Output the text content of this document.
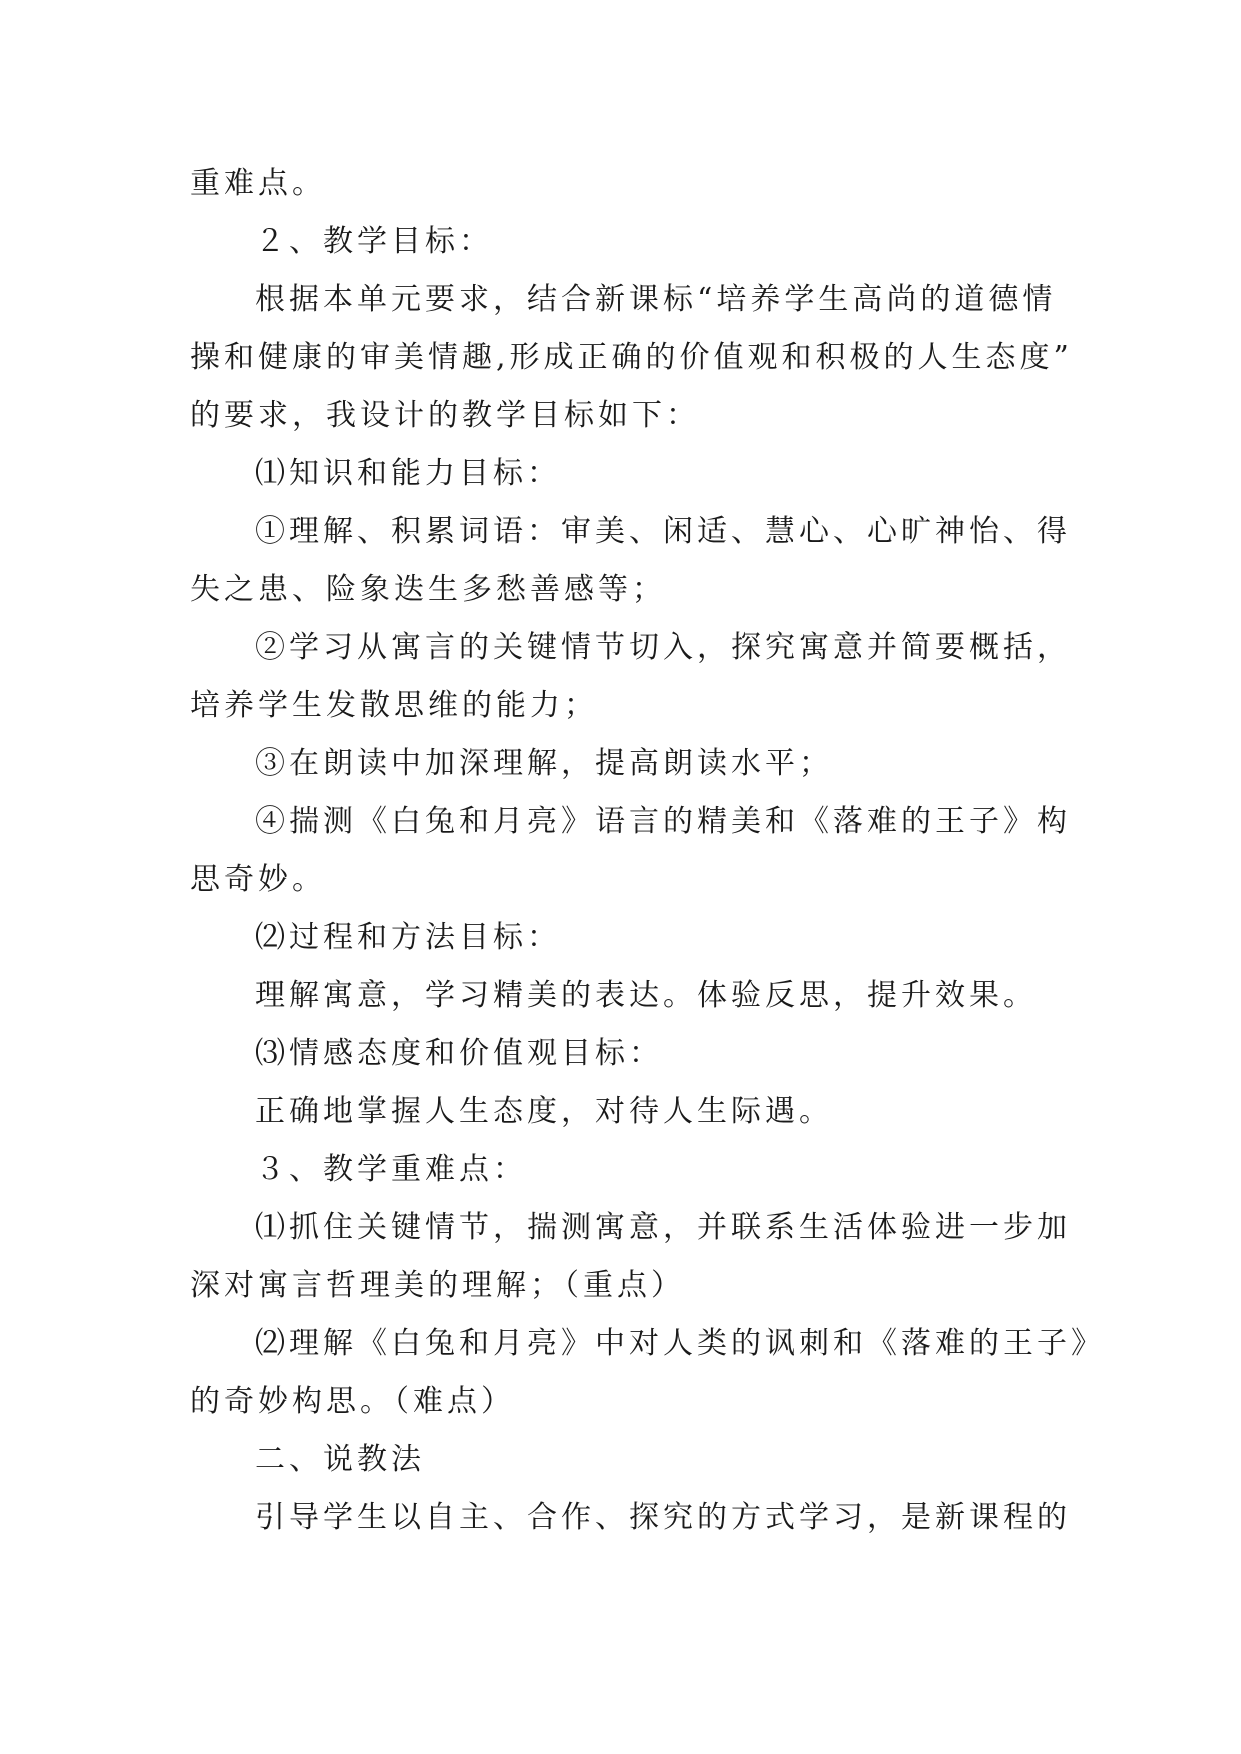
重难点。
２、教学目标：
根据本单元要求，结合新课标“培养学生高尚的道德情
操和健康的审美情趣,形成正确的价值观和积极的人生态度”
的要求，我设计的教学目标如下：
⑴知识和能力目标：
①理解、积累词语：审美、闲适、慧心、心旷神怡、得
失之患、险象迭生多愁善感等；
②学习从寓言的关键情节切入，探究寓意并简要概括，
培养学生发散思维的能力；
③在朗读中加深理解，提高朗读水平；
④揣测《白兔和月亮》语言的精美和《落难的王子》构
思奇妙。
⑵过程和方法目标：
理解寓意，学习精美的表达。体验反思，提升效果。
⑶情感态度和价值观目标：
正确地掌握人生态度，对待人生际遇。
３、教学重难点：
⑴抓住关键情节，揣测寓意，并联系生活体验进一步加
深对寓言哲理美的理解；（重点）
⑵理解《白兔和月亮》中对人类的讽刺和《落难的王子》
的奇妙构思。（难点）
二、说教法
引导学生以自主、合作、探究的方式学习，是新课程的
